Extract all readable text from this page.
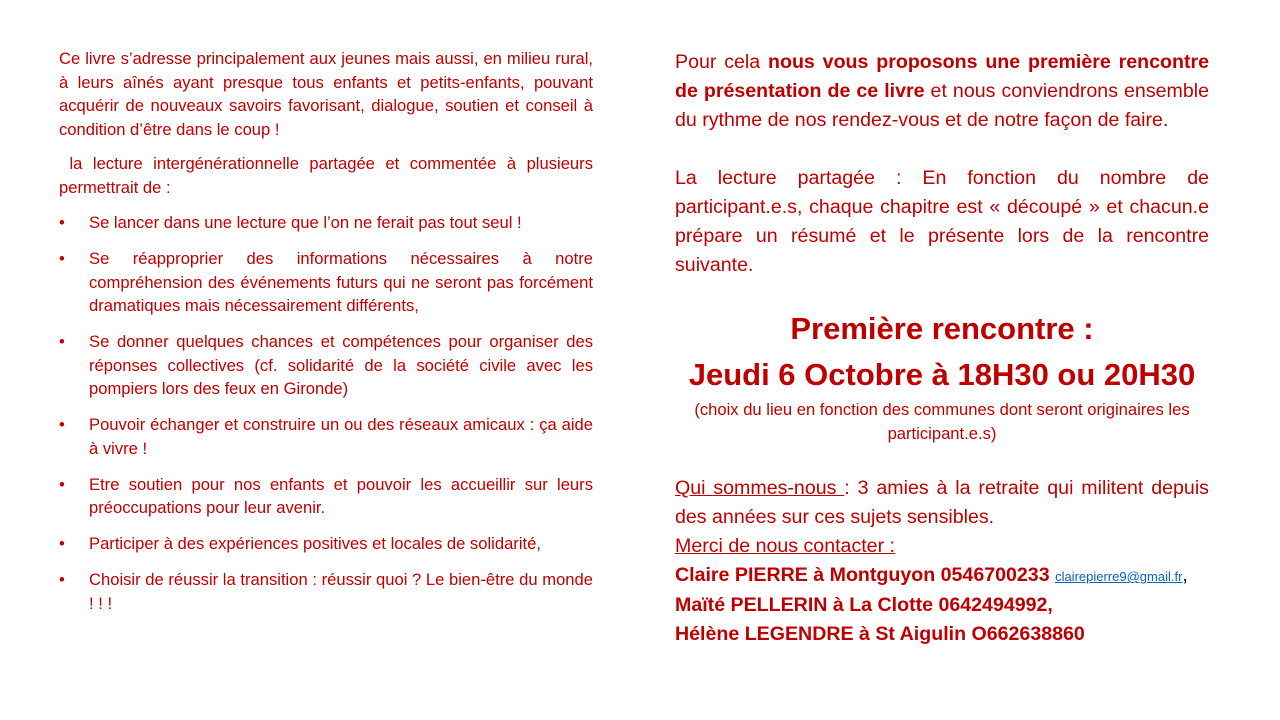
Ce livre s’adresse principalement aux jeunes mais aussi, en milieu rural, à leurs aînés ayant presque tous enfants et petits-enfants, pouvant acquérir de nouveaux savoirs favorisant, dialogue, soutien et conseil à condition d’être dans le coup !

la lecture intergénérationnelle partagée et commentée à plusieurs permettrait de :

• Se lancer dans une lecture que l’on ne ferait pas tout seul !
• Se réapproprier des informations nécessaires à notre compréhension des événements futurs qui ne seront pas forcément dramatiques mais nécessairement différents,
• Se donner quelques chances et compétences pour organiser des réponses collectives (cf. solidarité de la société civile avec les pompiers lors des feux en Gironde)
• Pouvoir échanger et construire un ou des réseaux amicaux : ça aide à vivre !
• Etre soutien pour nos enfants et pouvoir les accueillir sur leurs préoccupations pour leur avenir.
• Participer à des expériences positives et locales de solidarité,
• Choisir de réussir la transition : réussir quoi ? Le bien-être du monde ! ! !

Pour cela nous vous proposons une première rencontre de présentation de ce livre et nous conviendrons ensemble du rythme de nos rendez-vous et de notre façon de faire.

La lecture partagée : En fonction du nombre de participant.e.s, chaque chapitre est « découpé » et chacun.e prépare un résumé et le présente lors de la rencontre suivante.

Première rencontre :
Jeudi 6 Octobre à 18H30 ou 20H30
(choix du lieu en fonction des communes dont seront originaires les participant.e.s)

Qui sommes-nous : 3 amies à la retraite qui militent depuis des années sur ces sujets sensibles.

Merci de nous contacter :

Claire PIERRE à Montguyon 0546700233 clairepierre9@gmail.fr,

Maïté PELLERIN à La Clotte 0642494992,

Hélène LEGENDRE à St Aigulin O662638860
